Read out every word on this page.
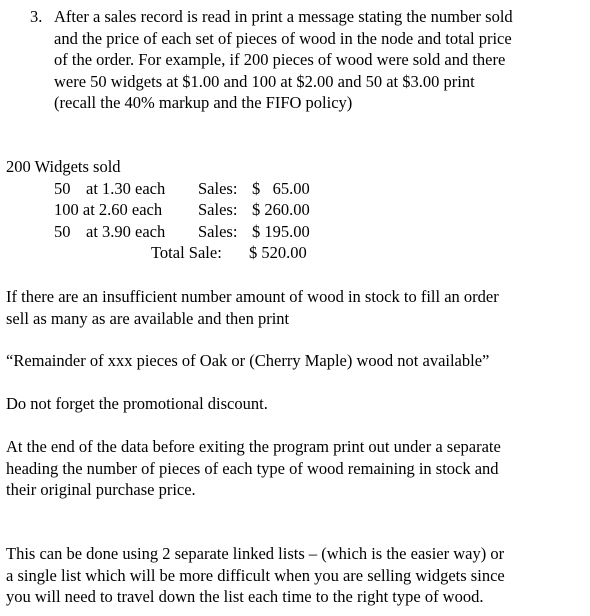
3. After a sales record is read in print a message stating the number sold
and the price of each set of pieces of wood in the node and total price
of the order. For example, if 200 pieces of wood were sold and there
were 50 widgets at $1.00 and 100 at $2.00 and 50 at $3.00 print
(recall the 40% markup and the FIFO policy)
200 Widgets sold
50 at 1.30 each Sales: $   65.00
100 at 2.60 each Sales: $ 260.00
50 at 3.90 each Sales: $ 195.00
Total Sale: $ 520.00
If there are an insufficient number amount of wood in stock to fill an order
sell as many as are available and then print
“Remainder of xxx pieces of Oak or (Cherry Maple) wood not available”
Do not forget the promotional discount.
At the end of the data before exiting the program print out under a separate
heading the number of pieces of each type of wood remaining in stock and
their original purchase price.
This can be done using 2 separate linked lists – (which is the easier way) or
a single list which will be more difficult when you are selling widgets since
you will need to travel down the list each time to the right type of wood.
